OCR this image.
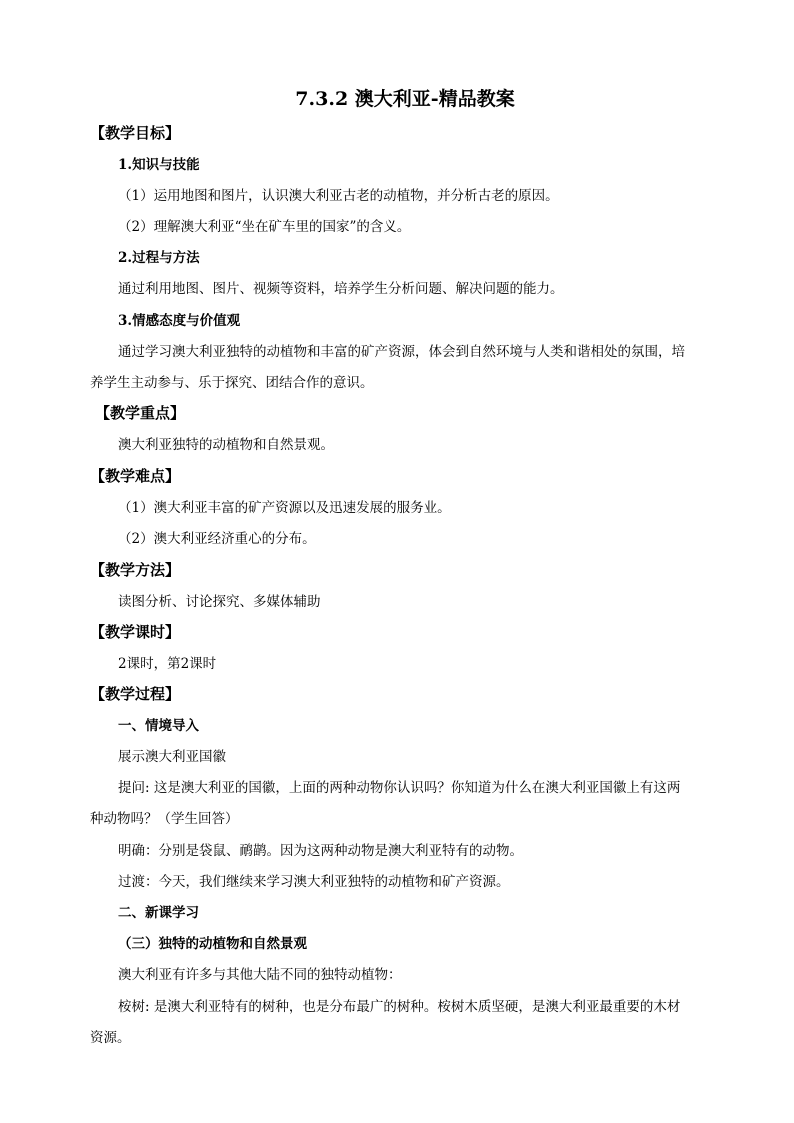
7.3.2 澳大利亚-精品教案
【教学目标】
1.知识与技能
（1）运用地图和图片，认识澳大利亚古老的动植物，并分析古老的原因。
（2）理解澳大利亚“坐在矿车里的国家”的含义。
2.过程与方法
通过利用地图、图片、视频等资料，培养学生分析问题、解决问题的能力。
3.情感态度与价值观
通过学习澳大利亚独特的动植物和丰富的矿产资源，体会到自然环境与人类和谐相处的氛围，培
养学生主动参与、乐于探究、团结合作的意识。
【教学重点】
澳大利亚独特的动植物和自然景观。
【教学难点】
（1）澳大利亚丰富的矿产资源以及迅速发展的服务业。
（2）澳大利亚经济重心的分布。
【教学方法】
读图分析、讨论探究、多媒体辅助
【教学课时】
2课时，第2课时
【教学过程】
一、情境导入
展示澳大利亚国徽
提问: 这是澳大利亚的国徽，上面的两种动物你认识吗？你知道为什么在澳大利亚国徽上有这两
种动物吗？（学生回答）
明确：分别是袋鼠、鸸鹋。因为这两种动物是澳大利亚特有的动物。
过渡：今天，我们继续来学习澳大利亚独特的动植物和矿产资源。
二、新课学习
（三）独特的动植物和自然景观
澳大利亚有许多与其他大陆不同的独特动植物：
桉树: 是澳大利亚特有的树种，也是分布最广的树种。桉树木质坚硬，是澳大利亚最重要的木材
资源。
